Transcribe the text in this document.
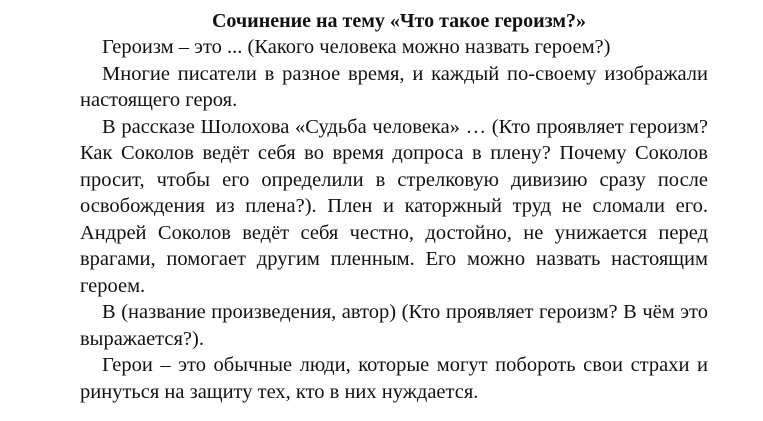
Сочинение на тему «Что такое героизм?»

Героизм – это ... (Какого человека можно назвать героем?)

Многие писатели в разное время, и каждый по-своему изображали настоящего героя.

В рассказе Шолохова «Судьба человека» … (Кто проявляет героизм? Как Соколов ведёт себя во время допроса в плену? Почему Соколов просит, чтобы его определили в стрелковую дивизию сразу после освобождения из плена?). Плен и каторжный труд не сломали его. Андрей Соколов ведёт себя честно, достойно, не унижается перед врагами, помогает другим пленным. Его можно назвать настоящим героем.

В (название произведения, автор) (Кто проявляет героизм? В чём это выражается?).

Герои – это обычные люди, которые могут побороть свои страхи и ринуться на защиту тех, кто в них нуждается.
